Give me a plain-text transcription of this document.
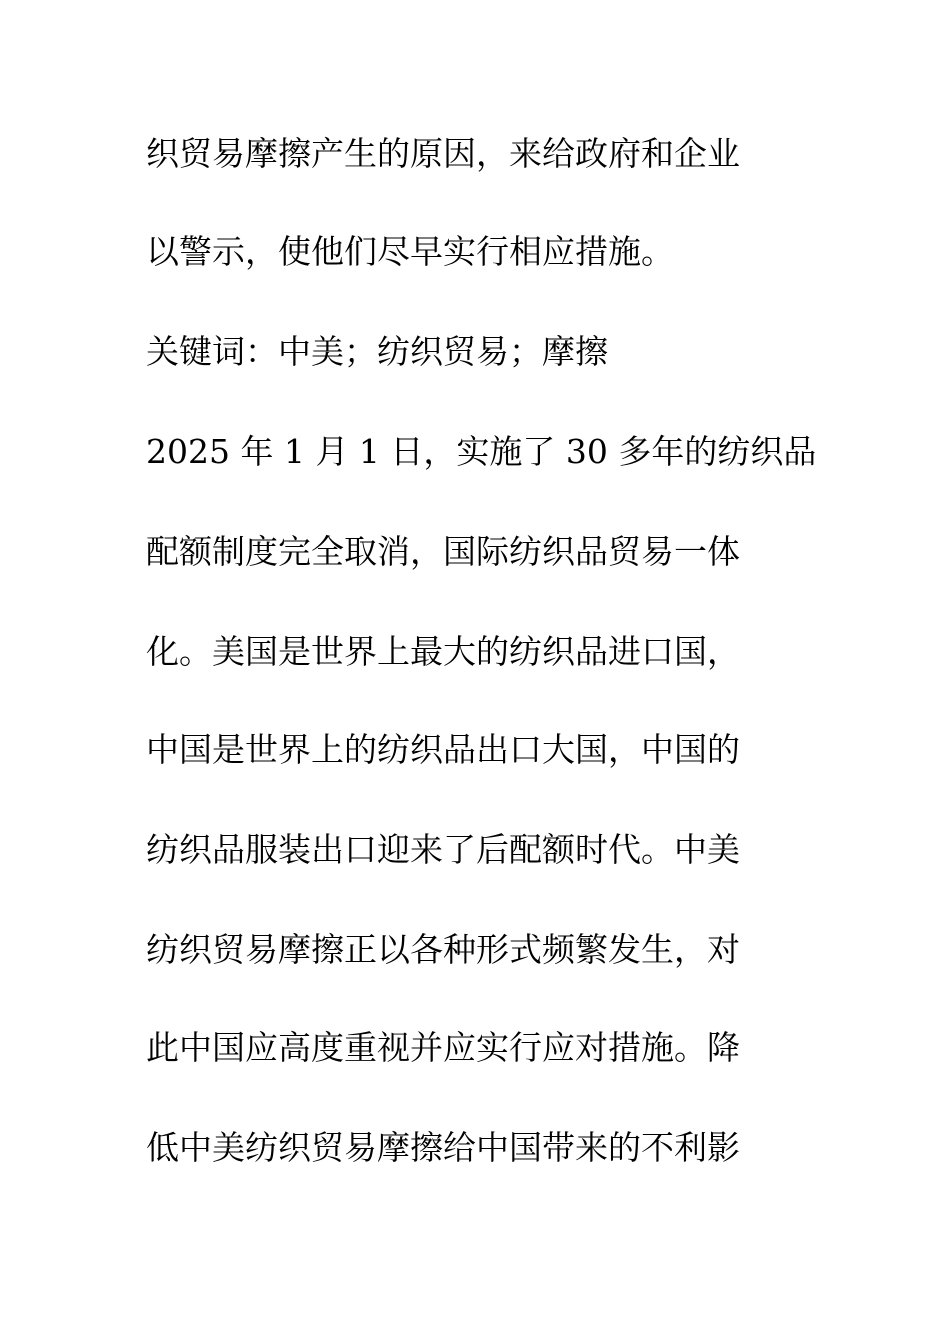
织贸易摩擦产生的原因，来给政府和企业
以警示，使他们尽早实行相应措施。
关键词：中美；纺织贸易；摩擦
2025 年 1 月 1 日，实施了 30 多年的纺织品
配额制度完全取消，国际纺织品贸易一体
化。美国是世界上最大的纺织品进口国，
中国是世界上的纺织品出口大国，中国的
纺织品服装出口迎来了后配额时代。中美
纺织贸易摩擦正以各种形式频繁发生，对
此中国应高度重视并应实行应对措施。降
低中美纺织贸易摩擦给中国带来的不利影
